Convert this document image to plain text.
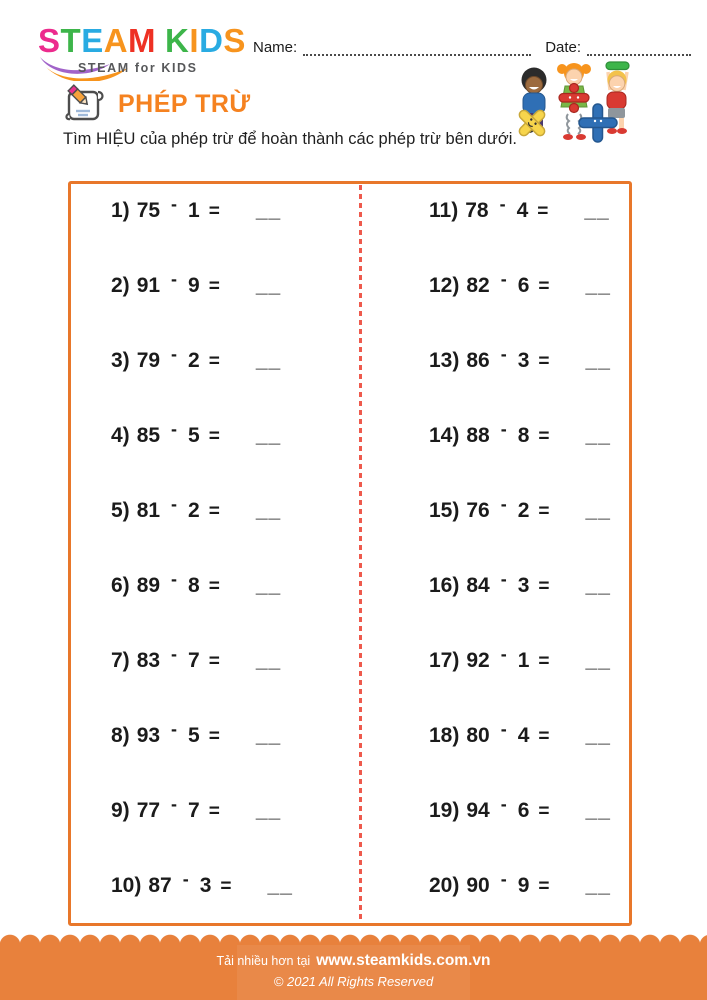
STEAM KIDS
STEAM for KIDS
Name:	Date:
PHÉP TRỪ
Tìm HIỆU của phép trừ để hoàn thành các phép trừ bên dưới.
1) 75 - 1 = __
2) 91 - 9 = __
3) 79 - 2 = __
4) 85 - 5 = __
5) 81 - 2 = __
6) 89 - 8 = __
7) 83 - 7 = __
8) 93 - 5 = __
9) 77 - 7 = __
10) 87 - 3 = __
11) 78 - 4 = __
12) 82 - 6 = __
13) 86 - 3 = __
14) 88 - 8 = __
15) 76 - 2 = __
16) 84 - 3 = __
17) 92 - 1 = __
18) 80 - 4 = __
19) 94 - 6 = __
20) 90 - 9 = __
Tải nhiều hơn tại www.steamkids.com.vn
© 2021 All Rights Reserved
